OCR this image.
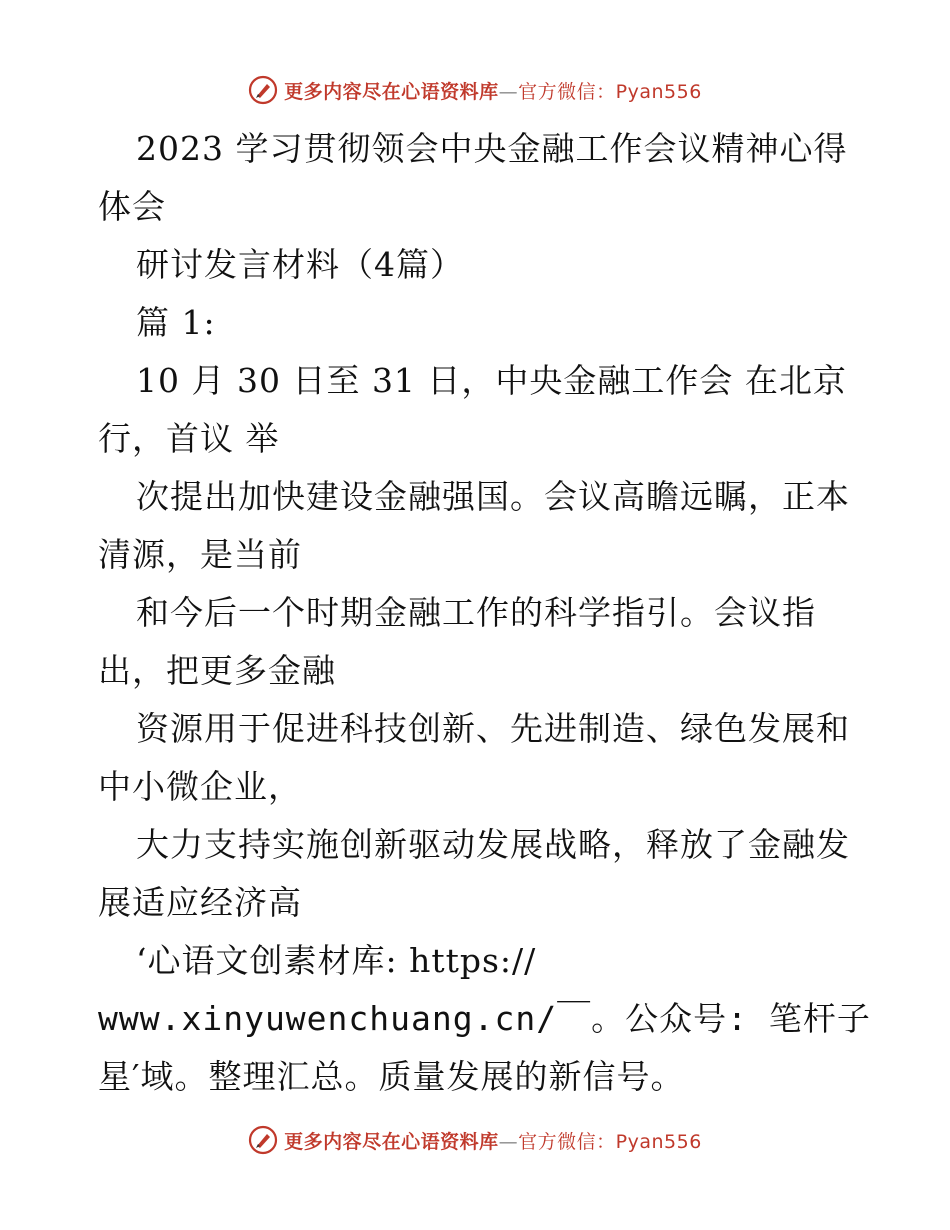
更多内容尽在心语资料库—官方微信：Pyan556
2023 学习贯彻领会中央金融工作会议精神心得
体会
研讨发言材料（4篇）
篇 1:
10 月 30 日至 31 日，中央金融工作会 在北京
行，首议 举
次提出加快建设金融强国。会议高瞻远瞩，正本
清源，是当前
和今后一个时期金融工作的科学指引。会议指
出，把更多金融
资源用于促进科技创新、先进制造、绿色发展和
中小微企业，
大力支持实施创新驱动发展战略，释放了金融发
展适应经济高
‘心语文创素材库: https://
www.xinyuwenchuang.cn/￣。公众号: 笔杆子
星′域。整理汇总。质量发展的新信号。
更多内容尽在心语资料库—官方微信：Pyan556
